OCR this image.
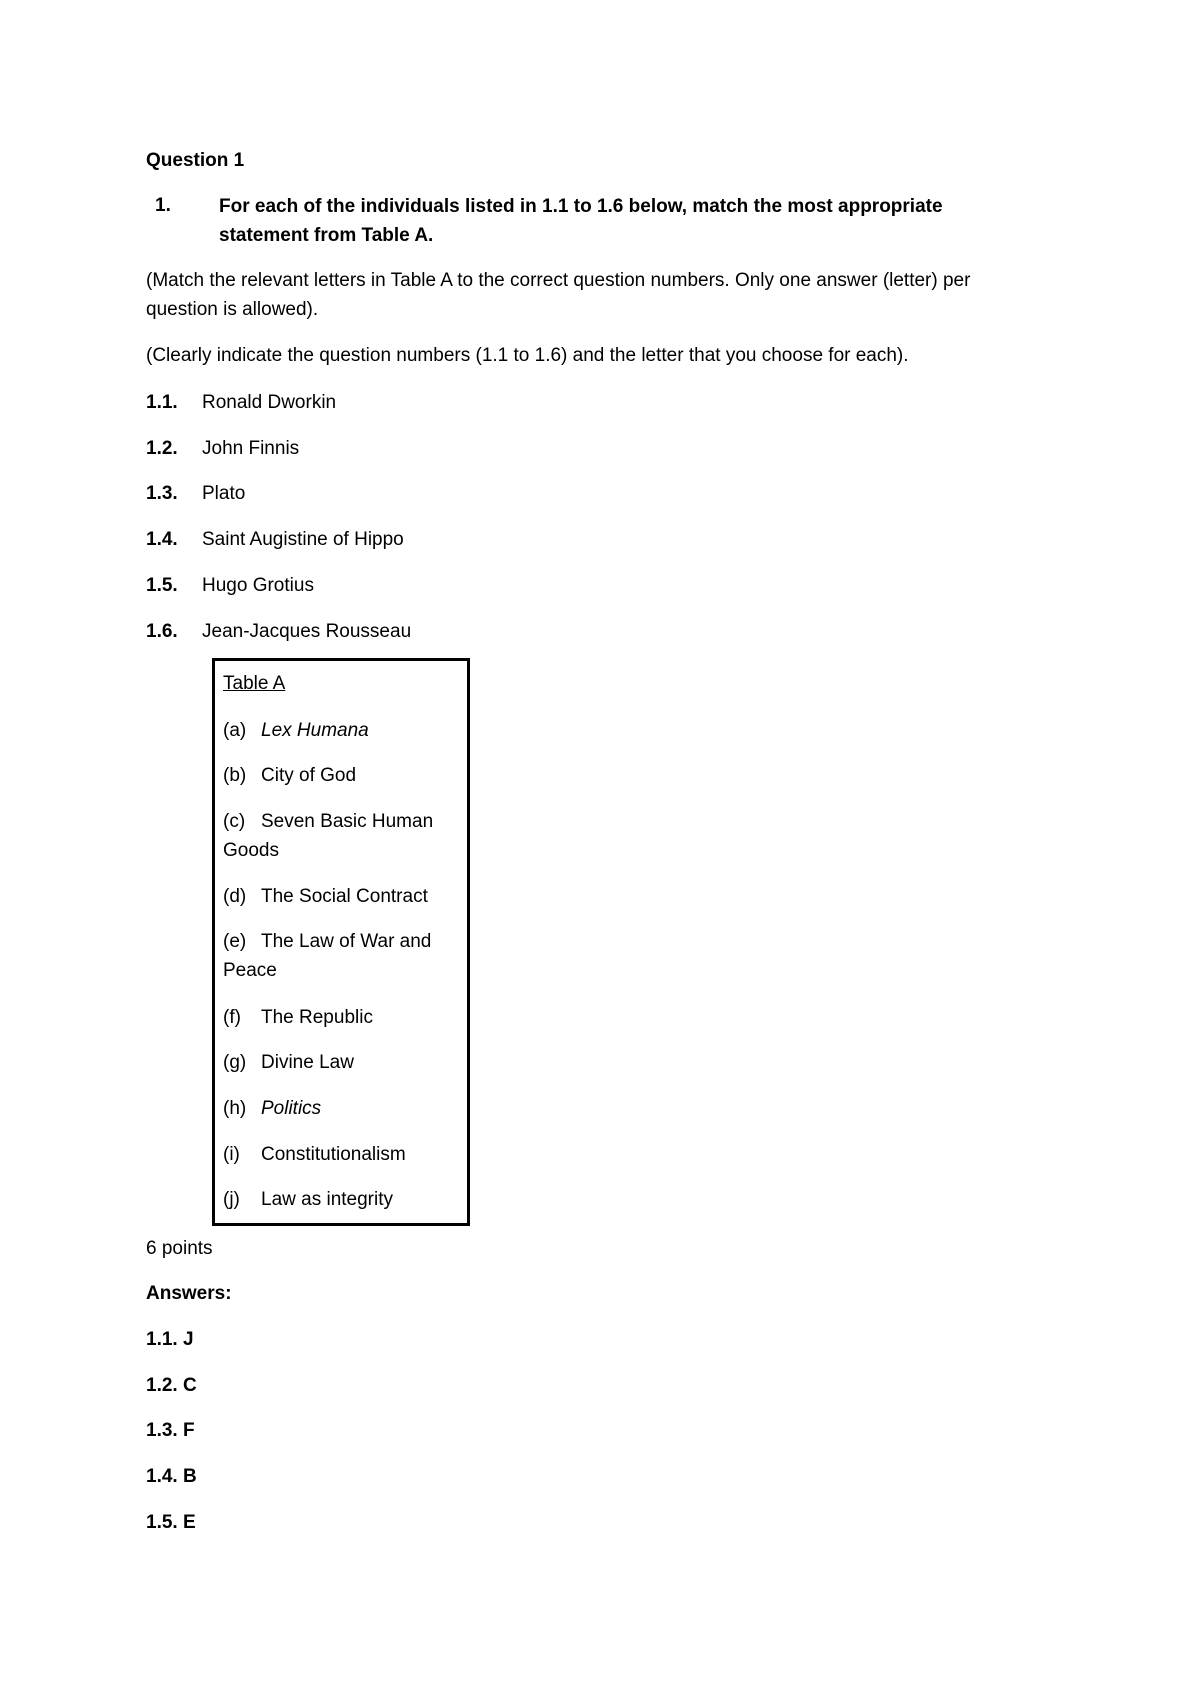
Question 1
1.	For each of the individuals listed in 1.1 to 1.6 below, match the most appropriate
statement from Table A.
(Match the relevant letters in Table A to the correct question numbers. Only one answer (letter) per
question is allowed).
(Clearly indicate the question numbers (1.1 to 1.6) and the letter that you choose for each).
1.1. Ronald Dworkin
1.2. John Finnis
1.3. Plato
1.4. Saint Augistine of Hippo
1.5. Hugo Grotius
1.6. Jean-Jacques Rousseau
Table A
(a) Lex Humana
(b) City of God
(c) Seven Basic Human Goods
(d) The Social Contract
(e) The Law of War and Peace
(f) The Republic
(g) Divine Law
(h) Politics
(i) Constitutionalism
(j) Law as integrity
6 points
Answers:
1.1. J
1.2. C
1.3. F
1.4. B
1.5. E
